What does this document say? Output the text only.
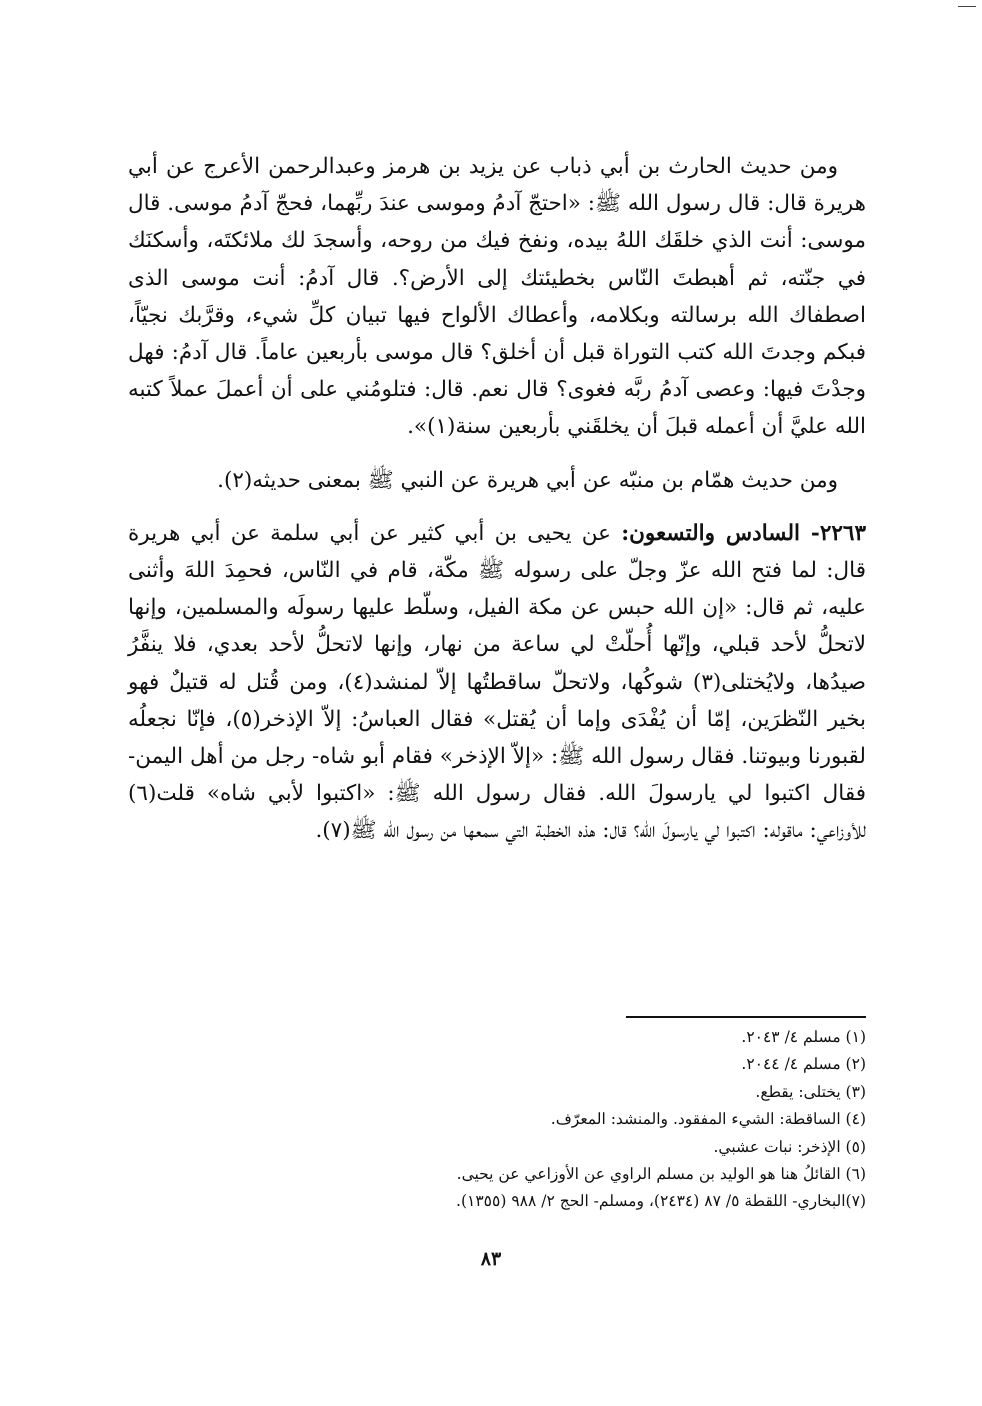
ومن حديث الحارث بن أبي ذباب عن يزيد بن هرمز وعبدالرحمن الأعرج عن أبي هريرة قال: قال رسول الله ﷺ: «احتجّ آدمُ وموسى عندَ ربِّهما، فحجّ آدمُ موسى. قال موسى: أنت الذي خلقَك اللهُ بيده، ونفخ فيك من روحه، وأسجدَ لك ملائكتَه، وأسكنَك في جنّته، ثم أهبطتَ النّاس بخطيئتك إلى الأرض؟. قال آدمُ: أنت موسى الذى اصطفاك الله برسالته وبكلامه، وأعطاك الألواح فيها تبيان كلِّ شيء، وقرَّبك نجيّاً، فبكم وجدتَ الله كتب التوراة قبل أن أخلق؟ قال موسى بأربعين عاماً. قال آدمُ: فهل وجدْتَ فيها: وعصى آدمُ ربَّه فغوى؟ قال نعم. قال: فتلومُني على أن أعملَ عملاً كتبه الله عليَّ أن أعمله قبلَ أن يخلقَني بأربعين سنة(١)».

ومن حديث همّام بن منبّه عن أبي هريرة عن النبي ﷺ بمعنى حديثه(٢).

٢٢٦٣- السادس والتسعون: عن يحيى بن أبي كثير عن أبي سلمة عن أبي هريرة قال: لما فتح الله عزّ وجلّ على رسوله ﷺ مكّة، قام في النّاس، فحمِدَ اللهَ وأثنى عليه، ثم قال: «إن الله حبس عن مكة الفيل، وسلّط عليها رسولَه والمسلمين، وإنها لاتحلُّ لأحد قبلي، وإنّها أُحلّتْ لي ساعة من نهار، وإنها لاتحلُّ لأحد بعدي، فلا ينفَّرُ صيدُها، ولايُختلى(٣) شوكُها، ولاتحلّ ساقطتُها إلاّ لمنشد(٤)، ومن قُتل له قتيلٌ فهو بخير النّظرَين، إمّا أن يُفْدَى وإما أن يُقتل» فقال العباسُ: إلاّ الإذخر(٥)، فإنّا نجعلُه لقبورنا وبيوتنا. فقال رسول الله ﷺ: «إلاّ الإذخر» فقام أبو شاه- رجل من أهل اليمن- فقال اكتبوا لي يارسولَ الله. فقال رسول الله ﷺ: «اكتبوا لأبي شاه» قلت(٦) للأوزاعي: ماقوله: اكتبوا لي يارسولَ الله؟ قال: هذه الخطبة التي سمعها من رسول الله ﷺ(٧).

(١) مسلم ٤/ ٢٠٤٣.
(٢) مسلم ٤/ ٢٠٤٤.
(٣) يختلى: يقطع.
(٤) الساقطة: الشيء المفقود. والمنشد: المعرّف.
(٥) الإذخر: نبات عشبي.
(٦) القائلُ هنا هو الوليد بن مسلم الراوي عن الأوزاعي عن يحيى.
(٧)البخاري- اللقطة ٥/ ٨٧ (٢٤٣٤)، ومسلم- الحج ٢/ ٩٨٨ (١٣٥٥).
٨٣
